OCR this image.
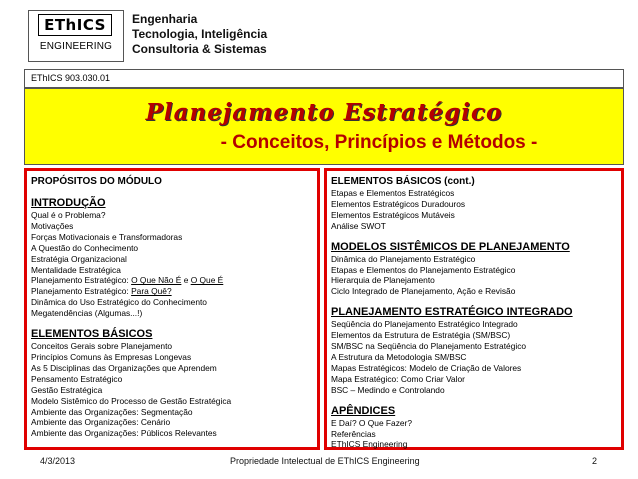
EThICS
ENGINEERING
Engenharia
Tecnologia, Inteligência
Consultoria & Sistemas
EThICS 903.030.01
Planejamento Estratégico
- Conceitos, Princípios e Métodos -
PROPÓSITOS DO MÓDULO
INTRODUÇÃO
Qual é o Problema?
Motivações
Forças Motivacionais e Transformadoras
A Questão do Conhecimento
Estratégia Organizacional
Mentalidade Estratégica
Planejamento Estratégico: O Que Não É e O Que É
Planejamento Estratégico: Para Quê?
Dinâmica do Uso Estratégico do Conhecimento
Megatendências (Algumas...!)
ELEMENTOS BÁSICOS
Conceitos Gerais sobre Planejamento
Princípios Comuns às Empresas Longevas
As 5 Disciplinas das Organizações que Aprendem
Pensamento Estratégico
Gestão Estratégica
Modelo Sistêmico do Processo de Gestão Estratégica
Ambiente das Organizações: Segmentação
Ambiente das Organizações: Cenário
Ambiente das Organizações: Públicos Relevantes
ELEMENTOS BÁSICOS (cont.)
Etapas e Elementos Estratégicos
Elementos Estratégicos Duradouros
Elementos Estratégicos Mutáveis
Análise SWOT
MODELOS SISTÊMICOS DE PLANEJAMENTO
Dinâmica do Planejamento Estratégico
Etapas e Elementos do Planejamento Estratégico
Hierarquia de Planejamento
Ciclo Integrado de Planejamento, Ação e Revisão
PLANEJAMENTO ESTRATÉGICO INTEGRADO
Seqüência do Planejamento Estratégico Integrado
Elementos da Estrutura de Estratégia (SM/BSC)
SM/BSC na Seqüência do Planejamento Estratégico
A Estrutura da Metodologia SM/BSC
Mapas Estratégicos: Modelo de Criação de Valores
Mapa Estratégico: Como Criar Valor
BSC – Medindo e Controlando
APÊNDICES
E Daí? O Que Fazer?
Referências
EThICS Engineering
4/3/2013	Propriedade Intelectual de EThICS Engineering	2
